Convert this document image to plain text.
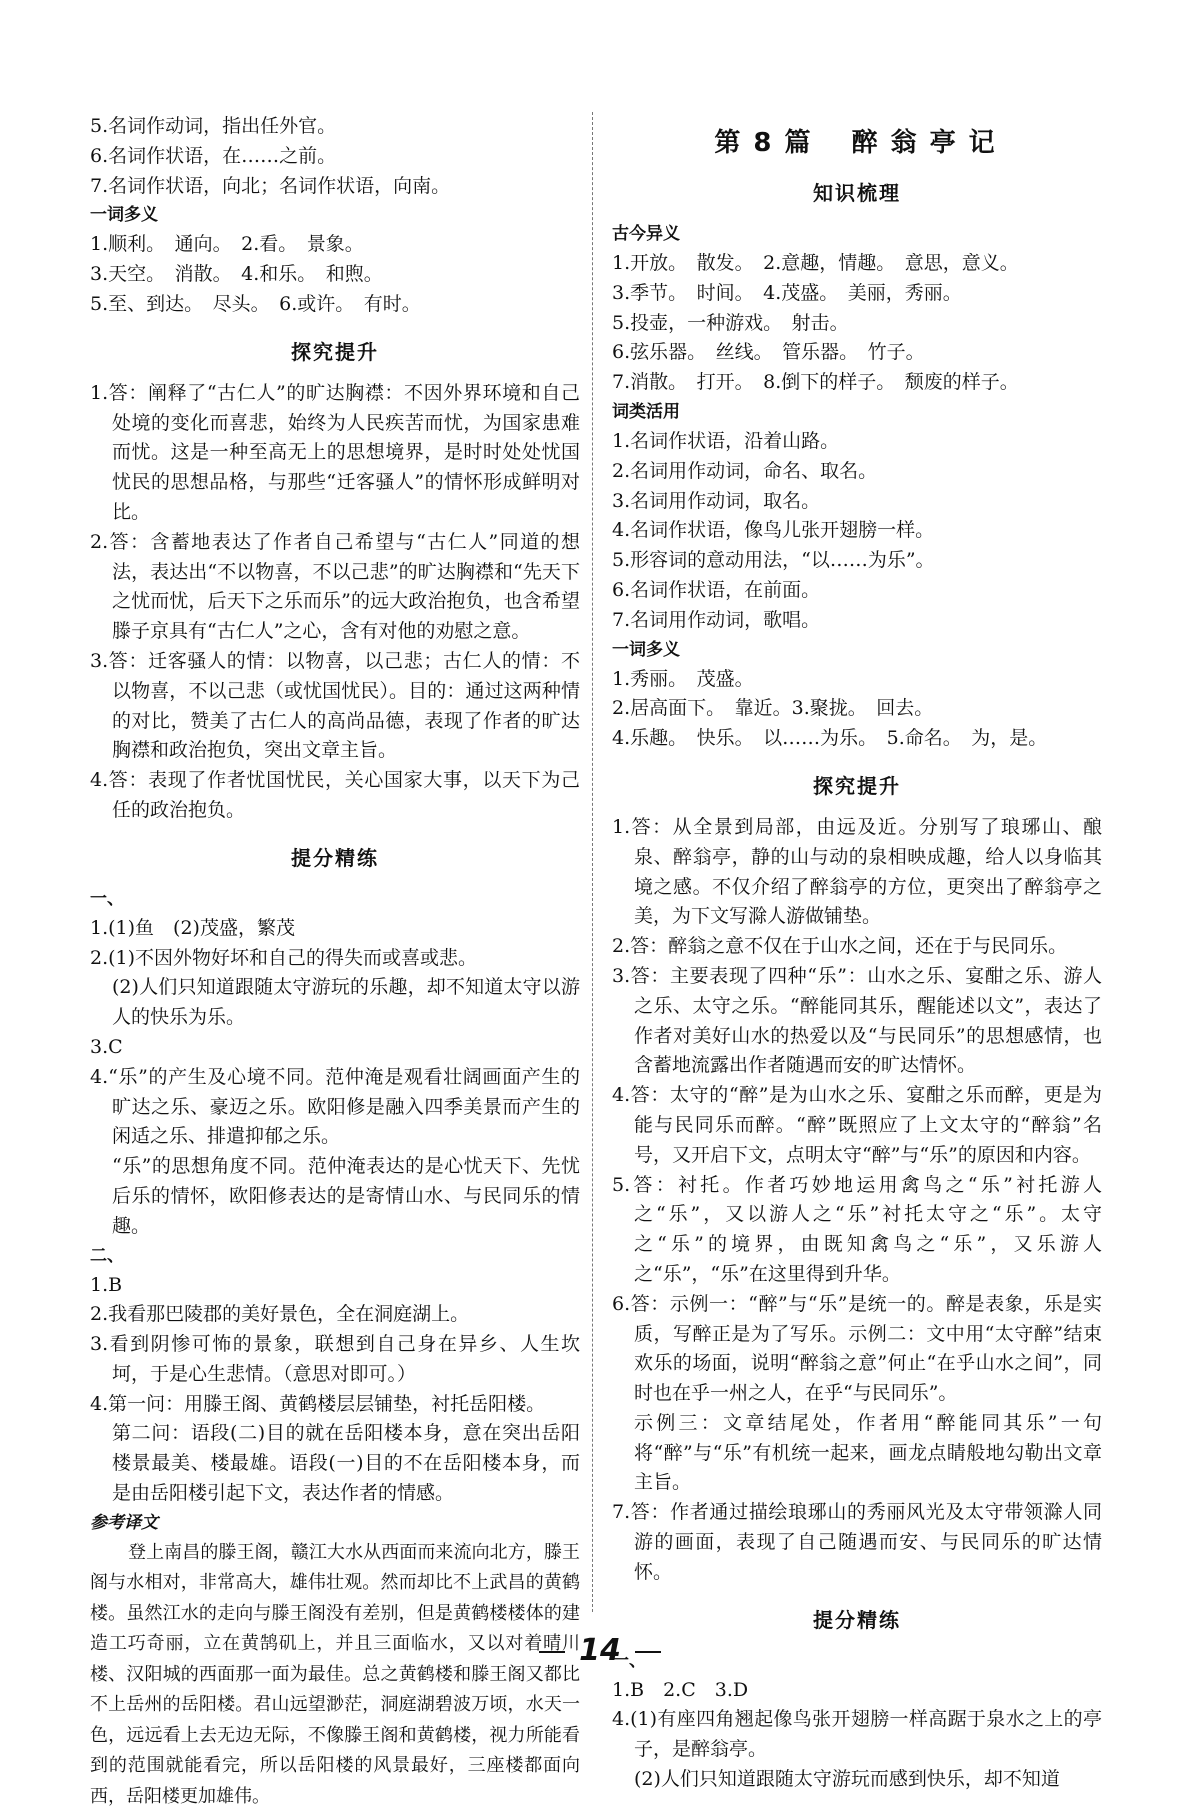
5.名词作动词，指出任外官。
6.名词作状语，在……之前。
7.名词作状语，向北；名词作状语，向南。
一词多义
1.顺利。　通向。　2.看。　景象。
3.天空。　消散。　4.和乐。　和煦。
5.至、到达。　尽头。　6.或许。　有时。
探究提升
1.答：阐释了“古仁人”的旷达胸襟：不因外界环境和自己处境的变化而喜悲，始终为人民疾苦而忧，为国家患难而忧。这是一种至高无上的思想境界，是时时处处忧国忧民的思想品格，与那些“迁客骚人”的情怀形成鲜明对比。
2.答：含蓄地表达了作者自己希望与“古仁人”同道的想法，表达出“不以物喜，不以己悲”的旷达胸襟和“先天下之忧而忧，后天下之乐而乐”的远大政治抱负，也含希望滕子京具有“古仁人”之心，含有对他的劝慰之意。
3.答：迁客骚人的情：以物喜，以己悲；古仁人的情：不以物喜，不以己悲（或忧国忧民）。目的：通过这两种情的对比，赞美了古仁人的高尚品德，表现了作者的旷达胸襟和政治抱负，突出文章主旨。
4.答：表现了作者忧国忧民，关心国家大事，以天下为己任的政治抱负。
提分精练
一、
1.(1)鱼　(2)茂盛，繁茂
2.(1)不因外物好坏和自己的得失而或喜或悲。
(2)人们只知道跟随太守游玩的乐趣，却不知道太守以游人的快乐为乐。
3.C
4.“乐”的产生及心境不同。范仲淹是观看壮阔画面产生的旷达之乐、豪迈之乐。欧阳修是融入四季美景而产生的闲适之乐、排遣抑郁之乐。
“乐”的思想角度不同。范仲淹表达的是心忧天下、先忧后乐的情怀，欧阳修表达的是寄情山水、与民同乐的情趣。
二、
1.B
2.我看那巴陵郡的美好景色，全在洞庭湖上。
3.看到阴惨可怖的景象，联想到自己身在异乡、人生坎坷，于是心生悲情。（意思对即可。）
4.第一问：用滕王阁、黄鹤楼层层铺垫，衬托岳阳楼。
第二问：语段(二)目的就在岳阳楼本身，意在突出岳阳楼景最美、楼最雄。语段(一)目的不在岳阳楼本身，而是由岳阳楼引起下文，表达作者的情感。
参考译文
登上南昌的滕王阁，赣江大水从西面而来流向北方，滕王阁与水相对，非常高大，雄伟壮观。然而却比不上武昌的黄鹤楼。虽然江水的走向与滕王阁没有差别，但是黄鹤楼楼体的建造工巧奇丽，立在黄鹄矶上，并且三面临水，又以对着晴川楼、汉阳城的西面那一面为最佳。总之黄鹤楼和滕王阁又都比不上岳州的岳阳楼。君山远望渺茫，洞庭湖碧波万顷，水天一色，远远看上去无边无际，不像滕王阁和黄鹤楼，视力所能看到的范围就能看完，所以岳阳楼的风景最好，三座楼都面向西，岳阳楼更加雄伟。
第 8 篇 醉 翁 亭 记
知识梳理
古今异义
1.开放。　散发。　2.意趣，情趣。　意思，意义。
3.季节。　时间。　4.茂盛。　美丽，秀丽。
5.投壶，一种游戏。　射击。
6.弦乐器。　丝线。　管乐器。　竹子。
7.消散。　打开。　8.倒下的样子。　颓废的样子。
词类活用
1.名词作状语，沿着山路。
2.名词用作动词，命名、取名。
3.名词用作动词，取名。
4.名词作状语，像鸟儿张开翅膀一样。
5.形容词的意动用法，“以……为乐”。
6.名词作状语，在前面。
7.名词用作动词，歌唱。
一词多义
1.秀丽。　茂盛。
2.居高面下。　靠近。3.聚拢。　回去。
4.乐趣。　快乐。　以……为乐。　5.命名。　为，是。
探究提升
1.答：从全景到局部，由远及近。分别写了琅琊山、酿泉、醉翁亭，静的山与动的泉相映成趣，给人以身临其境之感。不仅介绍了醉翁亭的方位，更突出了醉翁亭之美，为下文写滁人游做铺垫。
2.答：醉翁之意不仅在于山水之间，还在于与民同乐。
3.答：主要表现了四种“乐”：山水之乐、宴酣之乐、游人之乐、太守之乐。“醉能同其乐，醒能述以文”，表达了作者对美好山水的热爱以及“与民同乐”的思想感情，也含蓄地流露出作者随遇而安的旷达情怀。
4.答：太守的“醉”是为山水之乐、宴酣之乐而醉，更是为能与民同乐而醉。“醉”既照应了上文太守的“醉翁”名号，又开启下文，点明太守“醉”与“乐”的原因和内容。
5.答：衬托。作者巧妙地运用禽鸟之“乐”衬托游人之“乐”，又以游人之“乐”衬托太守之“乐”。太守之“乐”的境界，由既知禽鸟之“乐”，又乐游人之“乐”，“乐”在这里得到升华。
6.答：示例一：“醉”与“乐”是统一的。醉是表象，乐是实质，写醉正是为了写乐。示例二：文中用“太守醉”结束欢乐的场面，说明“醉翁之意”何止“在乎山水之间”，同时也在乎一州之人，在乎“与民同乐”。
示例三：文章结尾处，作者用“醉能同其乐”一句将“醉”与“乐”有机统一起来，画龙点睛般地勾勒出文章主旨。
7.答：作者通过描绘琅琊山的秀丽风光及太守带领滁人同游的画面，表现了自己随遇而安、与民同乐的旷达情怀。
提分精练
一、
1.B　2.C　3.D
4.(1)有座四角翘起像鸟张开翅膀一样高踞于泉水之上的亭子，是醉翁亭。
(2)人们只知道跟随太守游玩而感到快乐，却不知道
14
